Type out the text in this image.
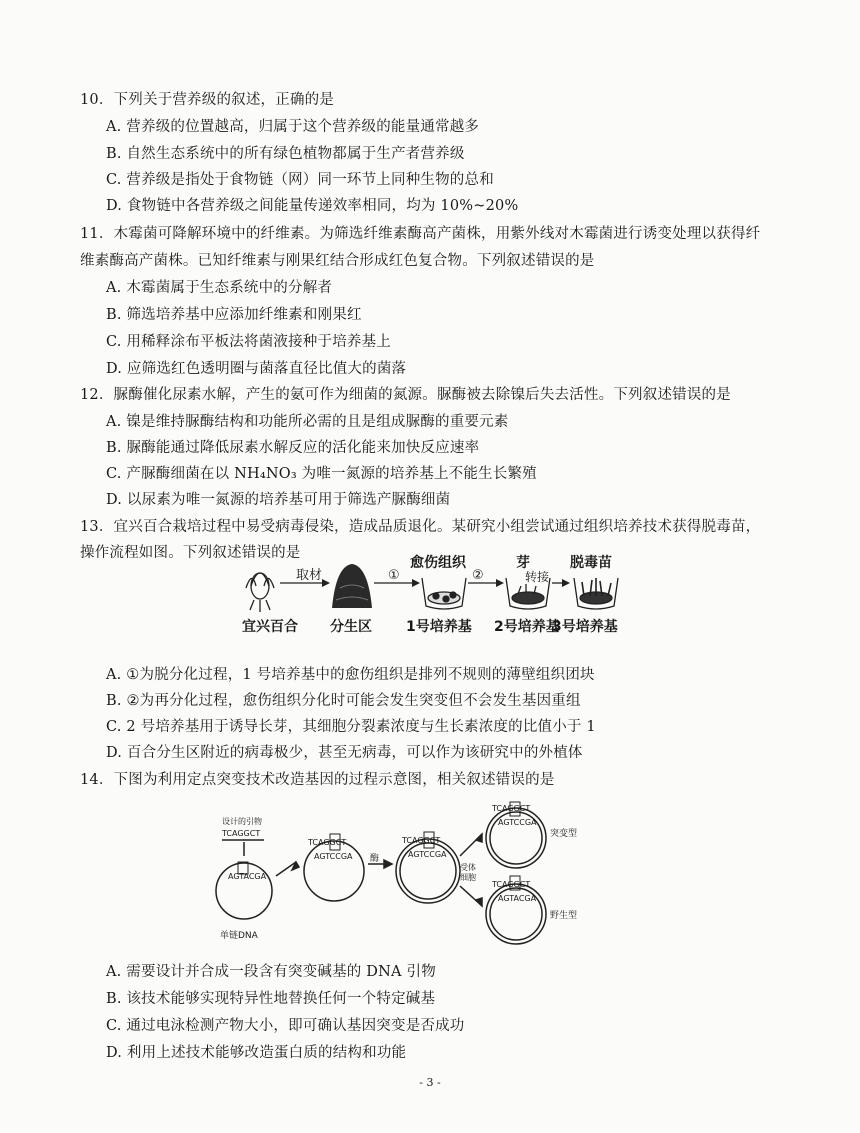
10．下列关于营养级的叙述，正确的是
A. 营养级的位置越高，归属于这个营养级的能量通常越多
B. 自然生态系统中的所有绿色植物都属于生产者营养级
C. 营养级是指处于食物链（网）同一环节上同种生物的总和
D. 食物链中各营养级之间能量传递效率相同，均为 10%~20%
11．木霉菌可降解环境中的纤维素。为筛选纤维素酶高产菌株，用紫外线对木霉菌进行诱变处理以获得纤
维素酶高产菌株。已知纤维素与刚果红结合形成红色复合物。下列叙述错误的是
A. 木霉菌属于生态系统中的分解者
B. 筛选培养基中应添加纤维素和刚果红
C. 用稀释涂布平板法将菌液接种于培养基上
D. 应筛选红色透明圈与菌落直径比值大的菌落
12．脲酶催化尿素水解，产生的氨可作为细菌的氮源。脲酶被去除镍后失去活性。下列叙述错误的是
A. 镍是维持脲酶结构和功能所必需的且是组成脲酶的重要元素
B. 脲酶能通过降低尿素水解反应的活化能来加快反应速率
C. 产脲酶细菌在以 NH₄NO₃ 为唯一氮源的培养基上不能生长繁殖
D. 以尿素为唯一氮源的培养基可用于筛选产脲酶细菌
13．宜兴百合栽培过程中易受病毒侵染，造成品质退化。某研究小组尝试通过组织培养技术获得脱毒苗，
操作流程如图。下列叙述错误的是
取材	①
愈伤组织
②
芽
转接
脱毒苗
宜兴百合 分生区 1号培养基 2号培养基
3号培养基
A. ①为脱分化过程，1 号培养基中的愈伤组织是排列不规则的薄壁组织团块
B. ②为再分化过程，愈伤组织分化时可能会发生突变但不会发生基因重组
C. 2 号培养基用于诱导长芽，其细胞分裂素浓度与生长素浓度的比值小于 1
D. 百合分生区附近的病毒极少，甚至无病毒，可以作为该研究中的外植体
14．下图为利用定点突变技术改造基因的过程示意图，相关叙述错误的是
设计的引物
TCAGGCT
AGTACGA
单链DNA
TCAGGCT
AGTCCGA 酶
TCAGGCT
AGTCCGA
受体
细胞
TCAGGCT
AGTCCGA
突变型
TCAGGCT
AGTACGA
野生型
A. 需要设计并合成一段含有突变碱基的 DNA 引物
B. 该技术能够实现特异性地替换任何一个特定碱基
C. 通过电泳检测产物大小，即可确认基因突变是否成功
D. 利用上述技术能够改造蛋白质的结构和功能
- 3 -
